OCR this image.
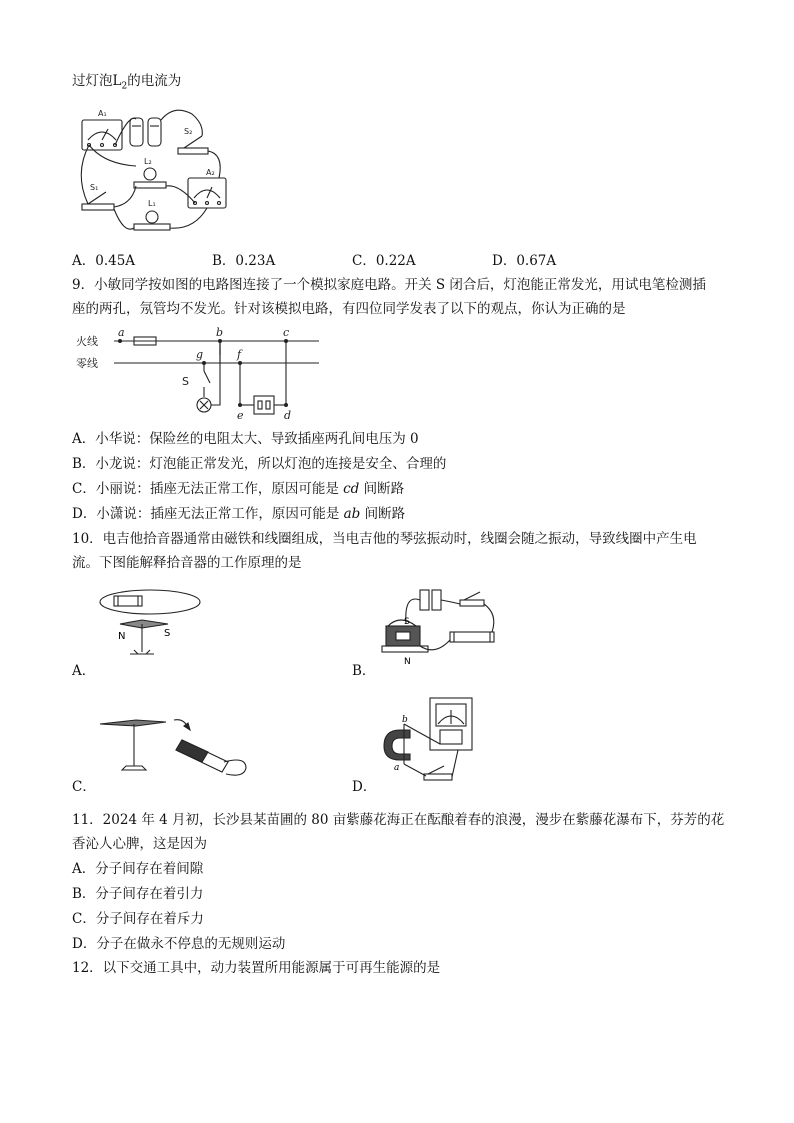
过灯泡$L_2$的电流为
A₁
S₂
L₂
A₂
S₁
L₁
A．0.45A	B．0.23A	C．0.22A	D．0.67A
9．小敏同学按如图的电路图连接了一个模拟家庭电路。开关 S 闭合后，灯泡能正常发光，用试电笔检测插
座的两孔，氖管均不发光。针对该模拟电路，有四位同学发表了以下的观点，你认为正确的是
火线
零线
a	b	c
g	f
e	d
S
A．小华说：保险丝的电阻太大、导致插座两孔间电压为 0
B．小龙说：灯泡能正常发光，所以灯泡的连接是安全、合理的
C．小丽说：插座无法正常工作，原因可能是 cd 间断路
D．小潇说：插座无法正常工作，原因可能是 ab 间断路
10．电吉他拾音器通常由磁铁和线圈组成，当电吉他的琴弦振动时，线圈会随之振动，导致线圈中产生电
流。下图能解释拾音器的工作原理的是
N	S
A．
S
N
B．
C．
b
a
D．
11．2024 年 4 月初，长沙县某苗圃的 80 亩紫藤花海正在酝酿着春的浪漫，漫步在紫藤花瀑布下，芬芳的花
香沁人心脾，这是因为
A．分子间存在着间隙
B．分子间存在着引力
C．分子间存在着斥力
D．分子在做永不停息的无规则运动
12．以下交通工具中，动力装置所用能源属于可再生能源的是
